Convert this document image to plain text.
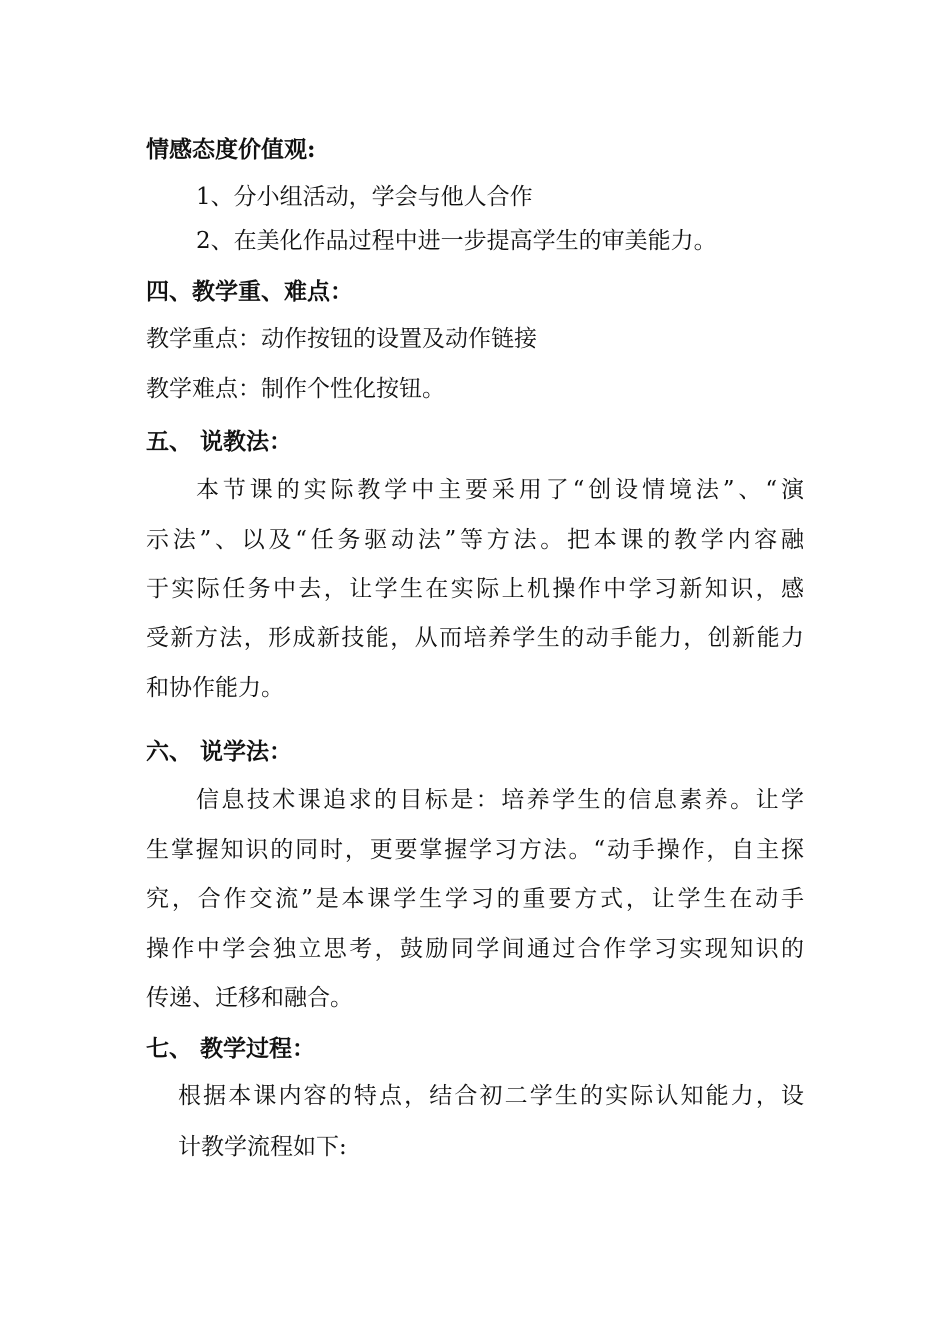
情感态度价值观:
1、分小组活动，学会与他人合作
2、在美化作品过程中进一步提高学生的审美能力。
四、教学重、难点：
教学重点：动作按钮的设置及动作链接
教学难点：制作个性化按钮。
五、 说教法：
本节课的实际教学中主要采用了“创设情境法”、“演
示法”、以及“任务驱动法”等方法。把本课的教学内容融
于实际任务中去，让学生在实际上机操作中学习新知识，感
受新方法，形成新技能，从而培养学生的动手能力，创新能力
和协作能力。
六、 说学法：
信息技术课追求的目标是：培养学生的信息素养。让学
生掌握知识的同时，更要掌握学习方法。“动手操作，自主探
究，合作交流”是本课学生学习的重要方式，让学生在动手
操作中学会独立思考，鼓励同学间通过合作学习实现知识的
传递、迁移和融合。
七、 教学过程：
根据本课内容的特点，结合初二学生的实际认知能力，设
计教学流程如下:
